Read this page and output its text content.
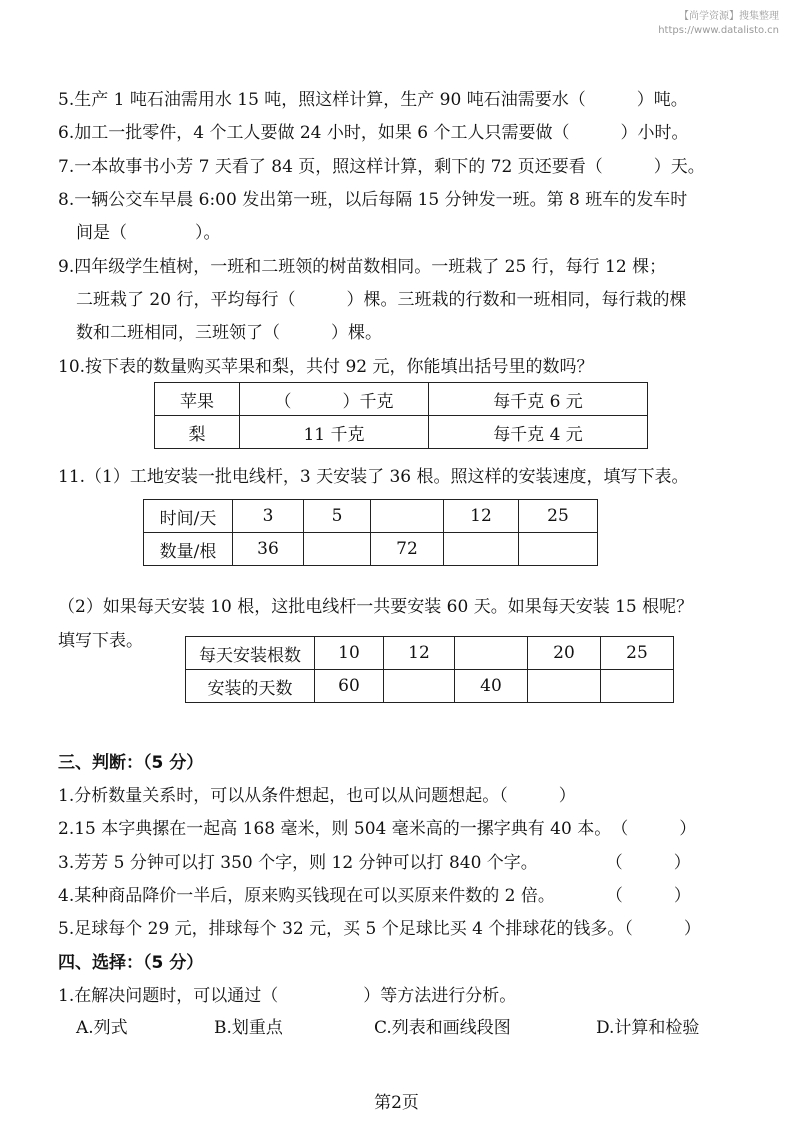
【尚学资源】搜集整理
https://www.datalisto.cn
5.生产 1 吨石油需用水 15 吨，照这样计算，生产 90 吨石油需要水（　　　）吨。
6.加工一批零件，4 个工人要做 24 小时，如果 6 个工人只需要做（　　　）小时。
7.一本故事书小芳 7 天看了 84 页，照这样计算，剩下的 72 页还要看（　　　）天。
8.一辆公交车早晨 6:00 发出第一班，以后每隔 15 分钟发一班。第 8 班车的发车时
间是（　　　　）。
9.四年级学生植树，一班和二班领的树苗数相同。一班栽了 25 行，每行 12 棵；
二班栽了 20 行，平均每行（　　　）棵。三班栽的行数和一班相同，每行栽的棵
数和二班相同，三班领了（　　　）棵。
10.按下表的数量购买苹果和梨，共付 92 元，你能填出括号里的数吗？
苹果	（　　　）千克	每千克 6 元
梨	11 千克	每千克 4 元
11.（1）工地安装一批电线杆，3 天安装了 36 根。照这样的安装速度，填写下表。
时间/天	3	5		12	25
数量/根	36		72		
（2）如果每天安装 10 根，这批电线杆一共要安装 60 天。如果每天安装 15 根呢？
填写下表。
每天安装根数	10	12		20	25
安装的天数	60		40		
三、判断：（5 分）
1.分析数量关系时，可以从条件想起，也可以从问题想起。（　　　）
2.15 本字典摞在一起高 168 毫米，则 504 毫米高的一摞字典有 40 本。　（　　　）
3.芳芳 5 分钟可以打 350 个字，则 12 分钟可以打 840 个字。　　　　　（　　　）
4.某种商品降价一半后，原来购买钱现在可以买原来件数的 2 倍。　　　　（　　　）
5.足球每个 29 元，排球每个 32 元，买 5 个足球比买 4 个排球花的钱多。（　　　）
四、选择：（5 分）
1.在解决问题时，可以通过（　　　　　）等方法进行分析。
A.列式	B.划重点	C.列表和画线段图	D.计算和检验
第2页
